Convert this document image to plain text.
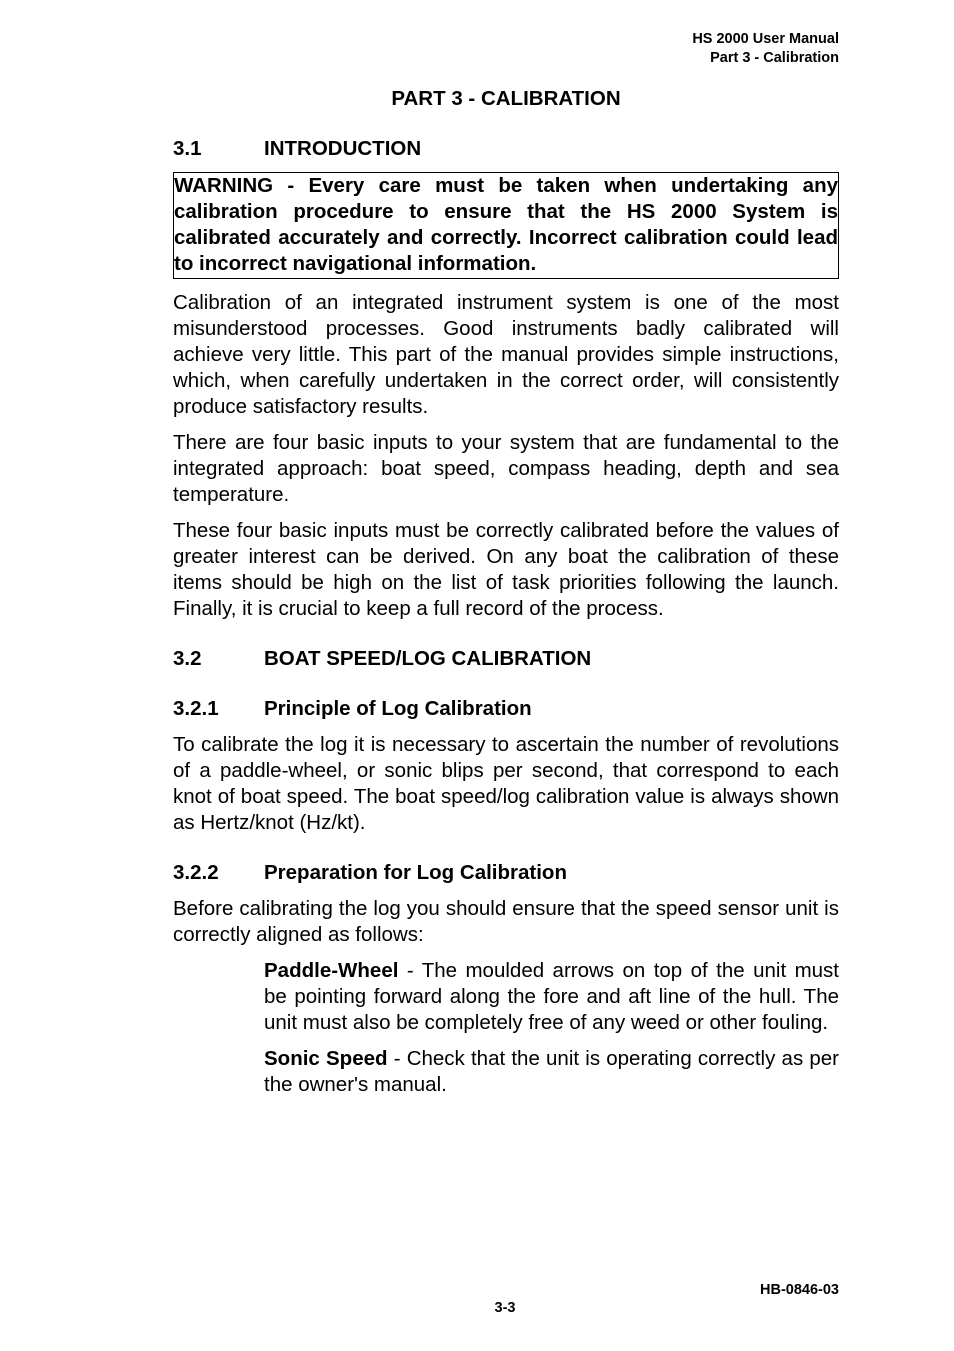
HS 2000 User Manual
Part 3 - Calibration
PART 3 - CALIBRATION
3.1	INTRODUCTION
WARNING - Every care must be taken when undertaking any calibration procedure to ensure that the HS 2000 System is calibrated accurately and correctly. Incorrect calibration could lead to incorrect navigational information.

Calibration of an integrated instrument system is one of the most misunderstood processes. Good instruments badly calibrated will achieve very little. This part of the manual provides simple instructions, which, when carefully undertaken in the correct order, will consistently produce satisfactory results.

There are four basic inputs to your system that are fundamental to the integrated approach: boat speed, compass heading, depth and sea temperature.

These four basic inputs must be correctly calibrated before the values of greater interest can be derived. On any boat the calibration of these items should be high on the list of task priorities following the launch. Finally, it is crucial to keep a full record of the process.

3.2	BOAT SPEED/LOG CALIBRATION
3.2.1	Principle of Log Calibration

To calibrate the log it is necessary to ascertain the number of revolutions of a paddle-wheel, or sonic blips per second, that correspond to each knot of boat speed. The boat speed/log calibration value is always shown as Hertz/knot (Hz/kt).

3.2.2	Preparation for Log Calibration

Before calibrating the log you should ensure that the speed sensor unit is correctly aligned as follows:

Paddle-Wheel - The moulded arrows on top of the unit must be pointing forward along the fore and aft line of the hull. The unit must also be completely free of any weed or other fouling.

Sonic Speed - Check that the unit is operating correctly as per the owner's manual.

HB-0846-03
3-3
